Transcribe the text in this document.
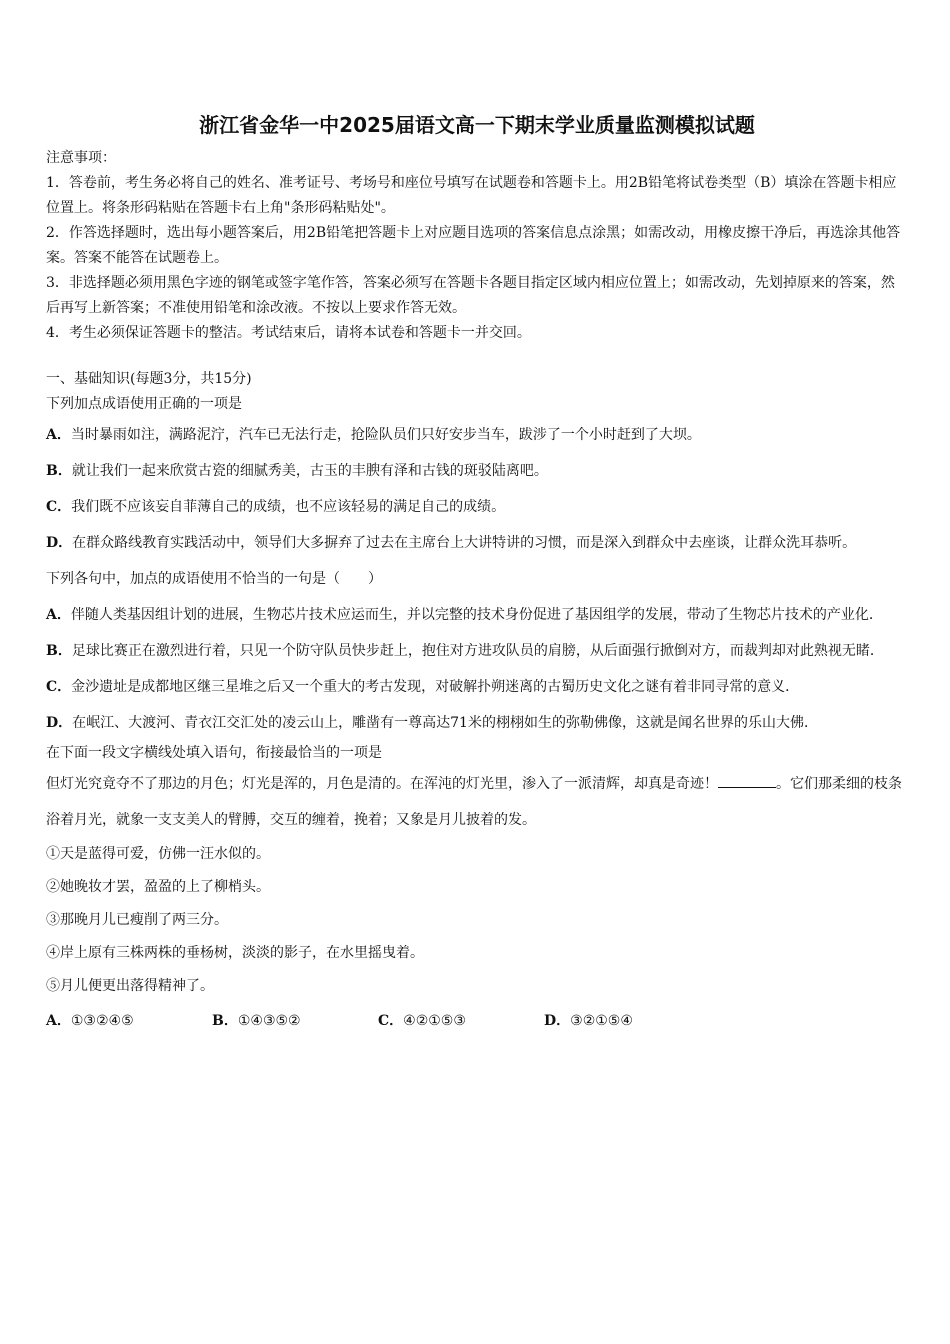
浙江省金华一中2025届语文高一下期末学业质量监测模拟试题

注意事项：

1．答卷前，考生务必将自己的姓名、准考证号、考场号和座位号填写在试题卷和答题卡上。用2B铅笔将试卷类型（B）填涂在答题卡相应位置上。将条形码粘贴在答题卡右上角"条形码粘贴处"。

2．作答选择题时，选出每小题答案后，用2B铅笔把答题卡上对应题目选项的答案信息点涂黑；如需改动，用橡皮擦干净后，再选涂其他答案。答案不能答在试题卷上。

3．非选择题必须用黑色字迹的钢笔或签字笔作答，答案必须写在答题卡各题目指定区域内相应位置上；如需改动，先划掉原来的答案，然后再写上新答案；不准使用铅笔和涂改液。不按以上要求作答无效。

4．考生必须保证答题卡的整洁。考试结束后，请将本试卷和答题卡一并交回。

一、基础知识(每题3分，共15分)

下列加点成语使用正确的一项是

A．当时暴雨如注，满路泥泞，汽车已无法行走，抢险队员们只好安步当车，跋涉了一个小时赶到了大坝。

B．就让我们一起来欣赏古瓷的细腻秀美，古玉的丰腴有泽和古钱的斑驳陆离吧。

C．我们既不应该妄自菲薄自己的成绩，也不应该轻易的满足自己的成绩。

D．在群众路线教育实践活动中，领导们大多摒弃了过去在主席台上大讲特讲的习惯，而是深入到群众中去座谈，让群众洗耳恭听。

下列各句中，加点的成语使用不恰当的一句是（　　）

A．伴随人类基因组计划的进展，生物芯片技术应运而生，并以完整的技术身份促进了基因组学的发展，带动了生物芯片技术的产业化．

B．足球比赛正在激烈进行着，只见一个防守队员快步赶上，抱住对方进攻队员的肩膀，从后面强行掀倒对方，而裁判却对此熟视无睹．

C．金沙遗址是成都地区继三星堆之后又一个重大的考古发现，对破解扑朔迷离的古蜀历史文化之谜有着非同寻常的意义．

D．在岷江、大渡河、青衣江交汇处的凌云山上，雕凿有一尊高达71米的栩栩如生的弥勒佛像，这就是闻名世界的乐山大佛．

在下面一段文字横线处填入语句，衔接最恰当的一项是

但灯光究竟夺不了那边的月色；灯光是浑的，月色是清的。在浑沌的灯光里，渗入了一派清辉，却真是奇迹！	。它们那柔细的枝条浴着月光，就象一支支美人的臂膊，交互的缠着，挽着；又象是月儿披着的发。

①天是蓝得可爱，仿佛一汪水似的。

②她晚妆才罢，盈盈的上了柳梢头。

③那晚月儿已瘦削了两三分。

④岸上原有三株两株的垂杨树，淡淡的影子，在水里摇曳着。

⑤月儿便更出落得精神了。

A．①③②④⑤	B．①④③⑤②	C．④②①⑤③	D．③②①⑤④
